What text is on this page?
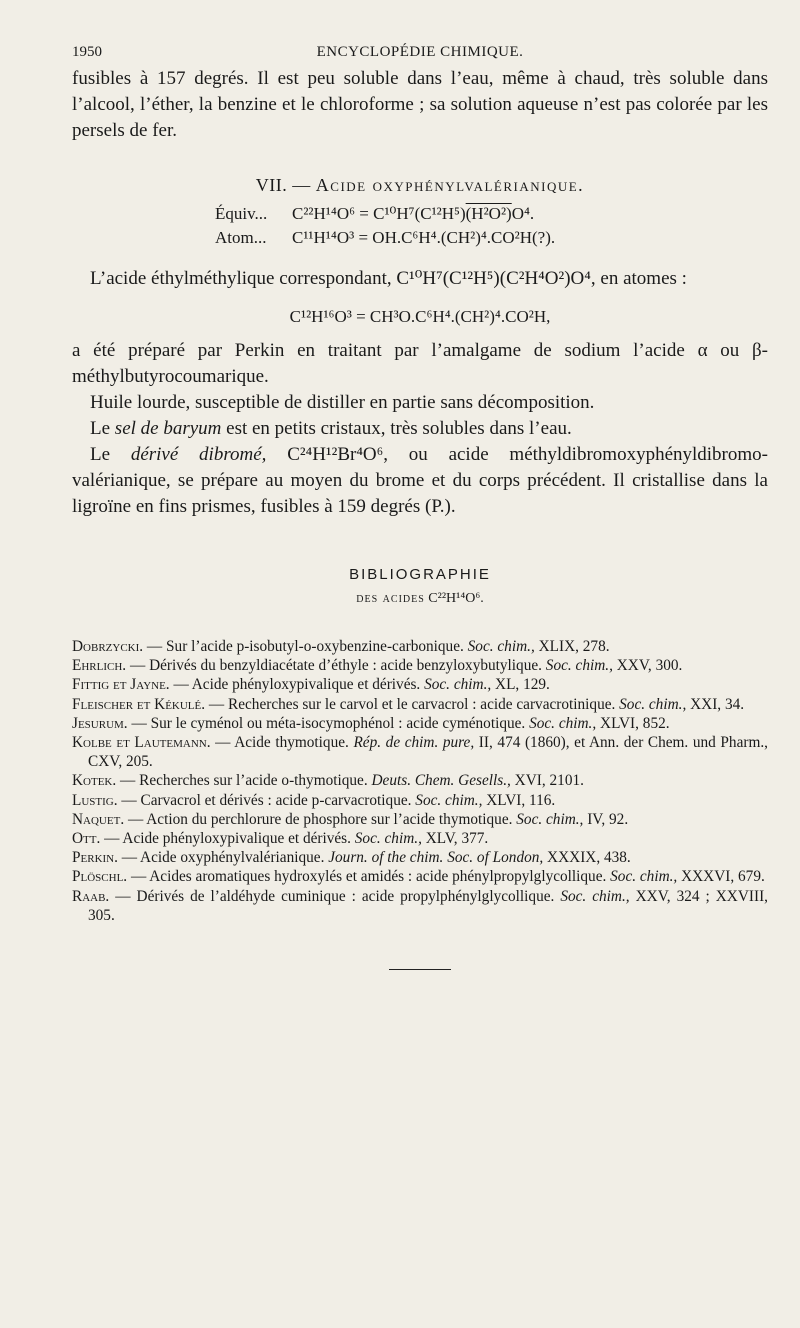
1950	ENCYCLOPÉDIE CHIMIQUE.

fusibles à 157 degrés. Il est peu soluble dans l’eau, même à chaud, très soluble dans l’alcool, l’éther, la benzine et le chloroforme ; sa solution aqueuse n’est pas colorée par les persels de fer.

VII. — Acide oxyphénylvalérianique.
Équiv... C²²H¹⁴O⁶ = C¹⁰H⁷(C¹²H⁵)(H²O²)O⁴.
Atom... C¹¹H¹⁴O³ = OH.C⁶H⁴.(CH²)⁴.CO²H(?).

L’acide éthylméthylique correspondant, C¹⁰H⁷(C¹²H⁵)(C²H⁴O²)O⁴, en atomes :

C¹²H¹⁶O³ = CH³O.C⁶H⁴.(CH²)⁴.CO²H,

a été préparé par Perkin en traitant par l’amalgame de sodium l’acide α ou β-méthylbutyrocoumarique.

Huile lourde, susceptible de distiller en partie sans décomposition.

Le sel de baryum est en petits cristaux, très solubles dans l’eau.

Le dérivé dibromé, C²⁴H¹²Br⁴O⁶, ou acide méthyldibromoxyphényldibromo-valérianique, se prépare au moyen du brome et du corps précédent. Il cristallise dans la ligroïne en fins prismes, fusibles à 159 degrés (P.).

BIBLIOGRAPHIE
des acides C²²H¹⁴O⁶.
Dobrzycki. — Sur l’acide p-isobutyl-o-oxybenzine-carbonique. Soc. chim., XLIX, 278.
Ehrlich. — Dérivés du benzyldiacétate d’éthyle : acide benzyloxybutylique. Soc. chim., XXV, 300.
Fittig et Jayne. — Acide phényloxypivalique et dérivés. Soc. chim., XL, 129.
Fleischer et Kékulé. — Recherches sur le carvol et le carvacrol : acide carvacrotinique. Soc. chim., XXI, 34.
Jesurum. — Sur le cyménol ou méta-isocymophénol : acide cyménotique. Soc. chim., XLVI, 852.
Kolbe et Lautemann. — Acide thymotique. Rép. de chim. pure, II, 474 (1860), et Ann. der Chem. und Pharm., CXV, 205.
Kotek. — Recherches sur l’acide o-thymotique. Deuts. Chem. Gesells., XVI, 2101.
Lustig. — Carvacrol et dérivés : acide p-carvacrotique. Soc. chim., XLVI, 116.
Naquet. — Action du perchlorure de phosphore sur l’acide thymotique. Soc. chim., IV, 92.
Ott. — Acide phényloxypivalique et dérivés. Soc. chim., XLV, 377.
Perkin. — Acide oxyphénylvalérianique. Journ. of the chim. Soc. of London, XXXIX, 438.
Plöschl. — Acides aromatiques hydroxylés et amidés : acide phénylpropylglycollique. Soc. chim., XXXVI, 679.
Raab. — Dérivés de l’aldéhyde cuminique : acide propylphénylglycollique. Soc. chim., XXV, 324 ; XXVIII, 305.
